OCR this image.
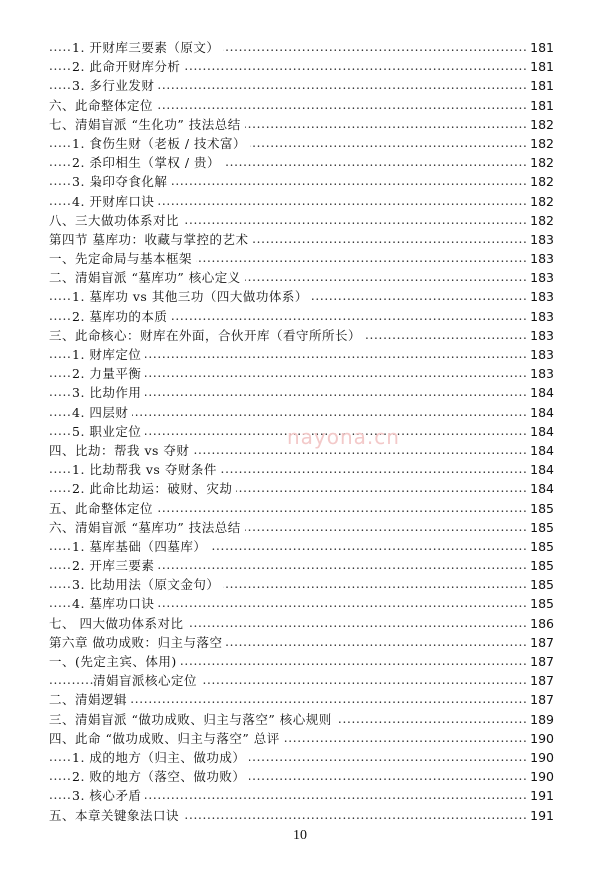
.....
1. 开财库三要素（原文）	181
.....
2. 此命开财库分析	181
.....
3. 多行业发财	181
.....
六、此命整体定位	181
.....
七、清娟盲派 “生化功” 技法总结	182
.....
1. 食伤生财（老板 / 技术富）	182
.....
2. 杀印相生（掌权 / 贵）	182
.....
3. 枭印夺食化解	182
.....
4. 开财库口诀	182
.....
八、三大做功体系对比	182
.....
第四节 墓库功：收藏与掌控的艺术	183
.....
一、先定命局与基本框架	183
.....
二、清娟盲派 “墓库功” 核心定义	183
.....
1. 墓库功 vs 其他三功（四大做功体系）	183
.....
2. 墓库功的本质	183
.....
三、此命核心：财库在外面，合伙开库（看守所所长）	183
.....
1. 财库定位	183
.....
2. 力量平衡	183
.....
3. 比劫作用	184
.....
4. 四层财	184
.....
5. 职业定位	184
.....
四、比劫：帮我 vs 夺财	184
.....
1. 比劫帮我 vs 夺财条件	184
.....
2. 此命比劫运：破财、灾劫	184
.....
五、此命整体定位	185
.....
六、清娟盲派 “墓库功” 技法总结	185
.....
1. 墓库基础（四墓库）	185
.....
2. 开库三要素	185
.....
3. 比劫用法（原文金句）	185
.....
4. 墓库功口诀	185
.....
七、 四大做功体系对比	186
.....
第六章 做功成败：归主与落空	187
.....
一、(先定主宾、体用)	187
.....
清娟盲派核心定位	187
.....
二、清娟逻辑	187
.....
三、清娟盲派 “做功成败、归主与落空” 核心规则	189
.....
四、此命 “做功成败、归主与落空” 总评	190
.....
1. 成的地方（归主、做功成）	190
.....
2. 败的地方（落空、做功败）	190
.....
3. 核心矛盾	191
.....
五、本章关键象法口诀	191
nayona.cn
10
